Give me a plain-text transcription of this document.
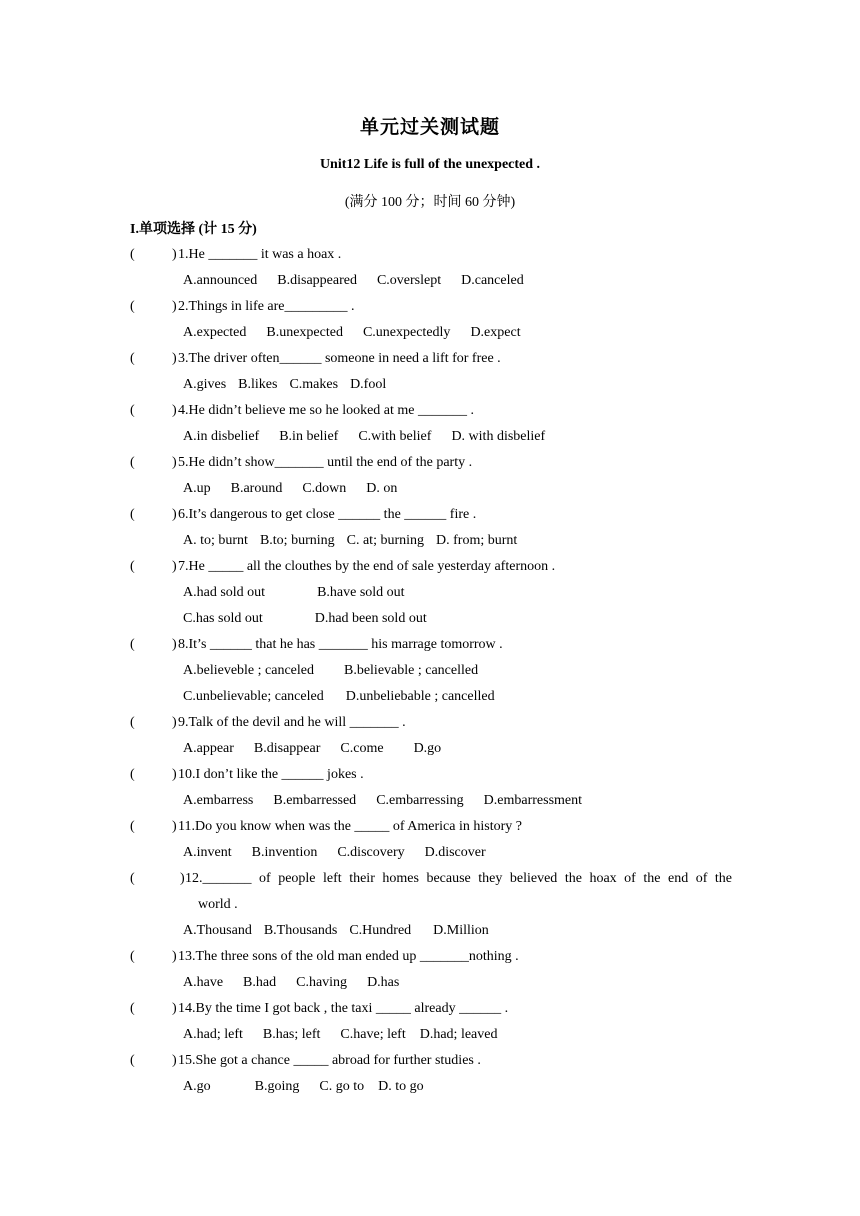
单元过关测试题
Unit12 Life is full of the unexpected .
(满分 100 分；时间 60 分钟)
I.单项选择 (计 15 分)
(	) 1.He _______ it was a hoax .
A.announced B.disappeared C.overslept D.canceled
(	) 2.Things in life are_________ .
A.expected B.unexpected C.unexpectedly D.expect
(	) 3.The driver often______ someone in need a lift for free .
A.gives B.likes C.makes D.fool
(	) 4.He didn’t believe me so he looked at me _______ .
A.in disbelief B.in belief C.with belief D. with disbelief
(	) 5.He didn’t show_______ until the end of the party .
A.up B.around C.down D. on
(	) 6.It’s dangerous to get close ______ the ______ fire .
A. to; burnt B.to; burning C. at; burning D. from; burnt
(	) 7.He _____ all the clouthes by the end of sale yesterday afternoon .
A.had sold out	B.have sold out
C.has sold out	D.had been sold out
(	) 8.It’s ______ that he has _______ his marrage tomorrow .
A.believeble ; canceled B.believable ; cancelled
C.unbelievable; canceled D.unbeliebable ; cancelled
(	) 9.Talk of the devil and he will _______ .
A.appear B.disappear C.come D.go
(	) 10.I don’t like the ______ jokes .
A.embarress B.embarressed C.embarressing D.embarressment
(	) 11.Do you know when was the _____ of America in history ?
A.invent B.invention C.discovery D.discover
(	) 12._______ of people left their homes because they believed the hoax of the end of the
world .
A.Thousand B.Thousands C.Hundred D.Million
(	) 13.The three sons of the old man ended up _______nothing .
A.have B.had C.having D.has
(	) 14.By the time I got back , the taxi _____ already ______ .
A.had; left B.has; left C.have; left D.had; leaved
(	) 15.She got a chance _____ abroad for further studies .
A.go	B.going C. go to D. to go
